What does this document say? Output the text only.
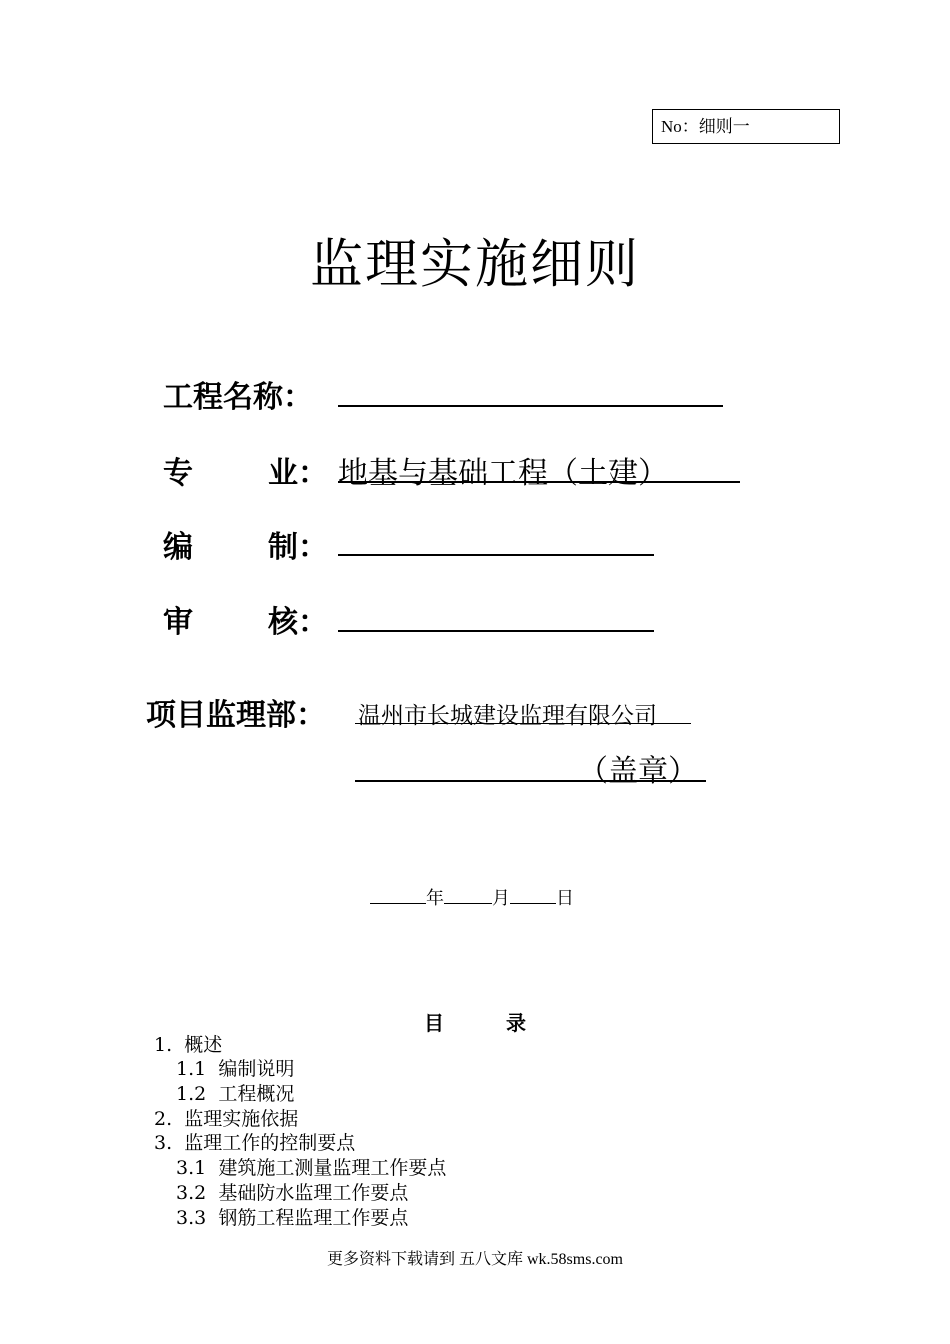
No：细则一
监理实施细则
工程名称：
专	业： 地基与基础工程（土建）
编	制：
审	核：
项目监理部： 温州市长城建设监理有限公司
（盖章）
年	月	日
目	录
1. 概述
1.1 编制说明
1.2 工程概况
2. 监理实施依据
3. 监理工作的控制要点
3.1 建筑施工测量监理工作要点
3.2 基础防水监理工作要点
3.3 钢筋工程监理工作要点
更多资料下载请到 五八文库 wk.58sms.com
